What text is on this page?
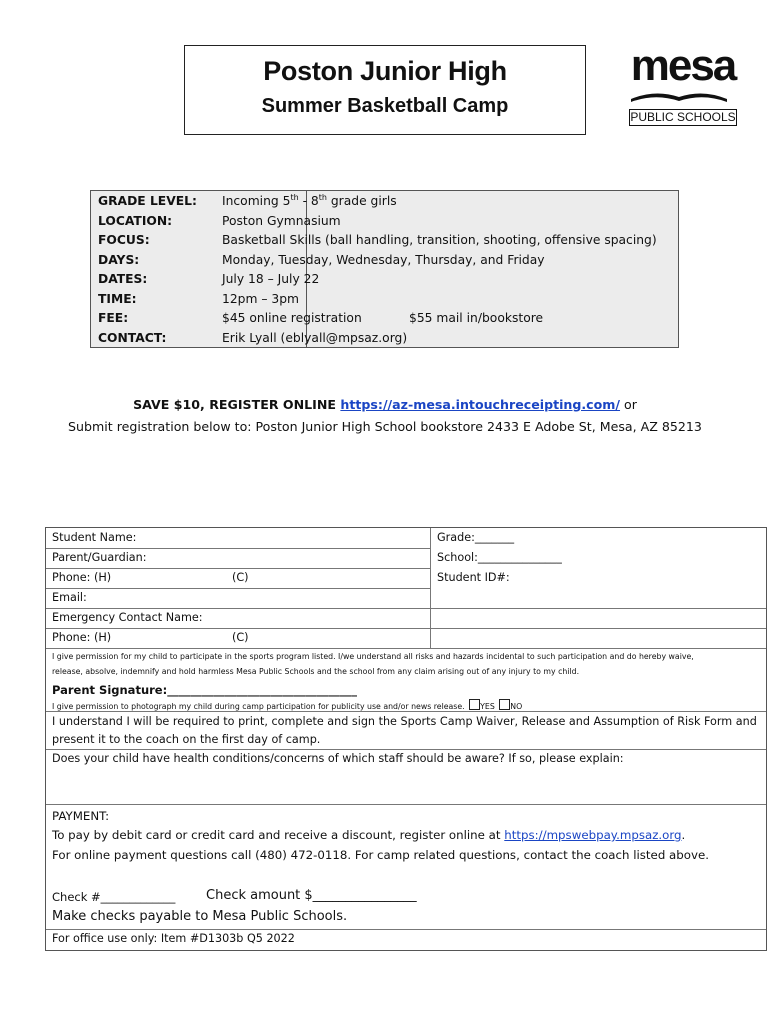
Poston Junior High
Summer Basketball Camp
mesa
PUBLIC SCHOOLS
GRADE LEVEL: Incoming 5th - 8th grade girls
LOCATION:	Poston Gymnasium
FOCUS:	Basketball Skills (ball handling, transition, shooting, offensive spacing)
DAYS:	Monday, Tuesday, Wednesday, Thursday, and Friday
DATES:	July 18 – July 22
TIME:	12pm – 3pm
FEE:	$45 online registration	$55 mail in/bookstore
CONTACT:	Erik Lyall (eblyall@mpsaz.org)
SAVE $10, REGISTER ONLINE https://az-mesa.intouchreceipting.com/ or
Submit registration below to: Poston Junior High School bookstore 2433 E Adobe St, Mesa, AZ 85213
Student Name:	Grade:_______
Parent/Guardian:	School:_______________
Phone: (H)	(C)	Student ID#:
Email:
Emergency Contact Name:
Phone: (H)	(C)
I give permission for my child to participate in the sports program listed. I/we understand all risks and hazards incidental to such participation and do hereby waive,
release, absolve, indemnify and hold harmless Mesa Public Schools and the school from any claim arising out of any injury to my child.
Parent Signature:_________________________________
I give permission to photograph my child during camp participation for publicity use and/or news release. YES NO
I understand I will be required to print, complete and sign the Sports Camp Waiver, Release and Assumption of Risk Form and
present it to the coach on the first day of camp.
Does your child have health conditions/concerns of which staff should be aware? If so, please explain:
PAYMENT:
To pay by debit card or credit card and receive a discount, register online at https://mpswebpay.mpsaz.org.
For online payment questions call (480) 472-0118. For camp related questions, contact the coach listed above.
Check #_____________ Check amount $________________
Make checks payable to Mesa Public Schools.
For office use only: Item #D1303b Q5 2022
